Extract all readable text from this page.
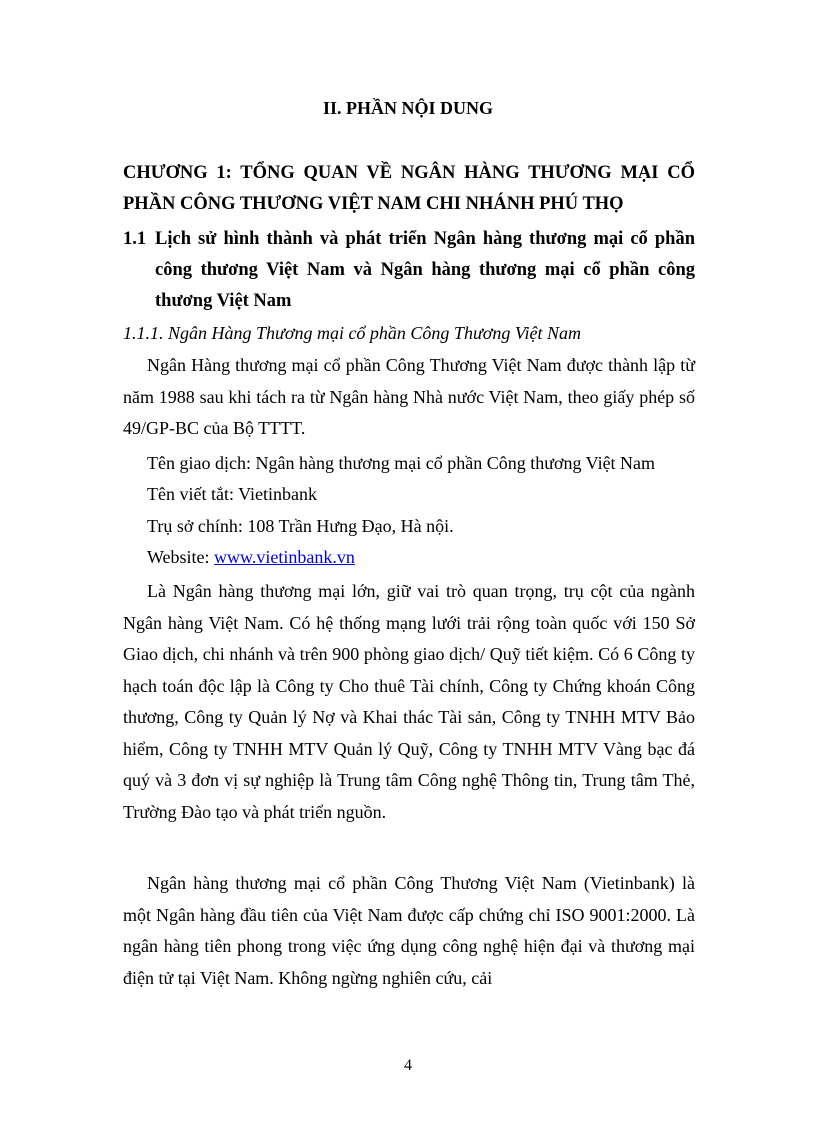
II. PHẦN NỘI DUNG
CHƯƠNG 1: TỔNG QUAN VỀ NGÂN HÀNG THƯƠNG MẠI CỔ PHẦN CÔNG THƯƠNG VIỆT NAM CHI NHÁNH PHÚ THỌ
1.1 Lịch sử hình thành và phát triển Ngân hàng thương mại cổ phần công thương Việt Nam và Ngân hàng thương mại cổ phần công thương Việt Nam
1.1.1. Ngân Hàng Thương mại cổ phần Công Thương Việt Nam
Ngân Hàng thương mại cổ phần Công Thương Việt Nam được thành lập từ năm 1988 sau khi tách ra từ Ngân hàng Nhà nước Việt Nam, theo giấy phép số 49/GP-BC của Bộ TTTT.
Tên giao dịch: Ngân hàng thương mại cổ phần Công thương Việt Nam
Tên viết tắt: Vietinbank
Trụ sở chính: 108 Trần Hưng Đạo, Hà nội.
Website: www.vietinbank.vn
Là Ngân hàng thương mại lớn, giữ vai trò quan trọng, trụ cột của ngành Ngân hàng Việt Nam. Có hệ thống mạng lưới trải rộng toàn quốc với 150 Sở Giao dịch, chi nhánh và trên 900 phòng giao dịch/ Quỹ tiết kiệm. Có 6 Công ty hạch toán độc lập là Công ty Cho thuê Tài chính, Công ty Chứng khoán Công thương, Công ty Quản lý Nợ và Khai thác Tài sản, Công ty TNHH MTV Bảo hiểm, Công ty TNHH MTV Quản lý Quỹ, Công ty TNHH MTV Vàng bạc đá quý và 3 đơn vị sự nghiệp là Trung tâm Công nghệ Thông tin, Trung tâm Thẻ, Trường Đào tạo và phát triển nguồn.
Ngân hàng thương mại cổ phần Công Thương Việt Nam (Vietinbank) là một Ngân hàng đầu tiên của Việt Nam được cấp chứng chỉ ISO 9001:2000. Là ngân hàng tiên phong trong việc ứng dụng công nghệ hiện đại và thương mại điện tử tại Việt Nam. Không ngừng nghiên cứu, cải
4
